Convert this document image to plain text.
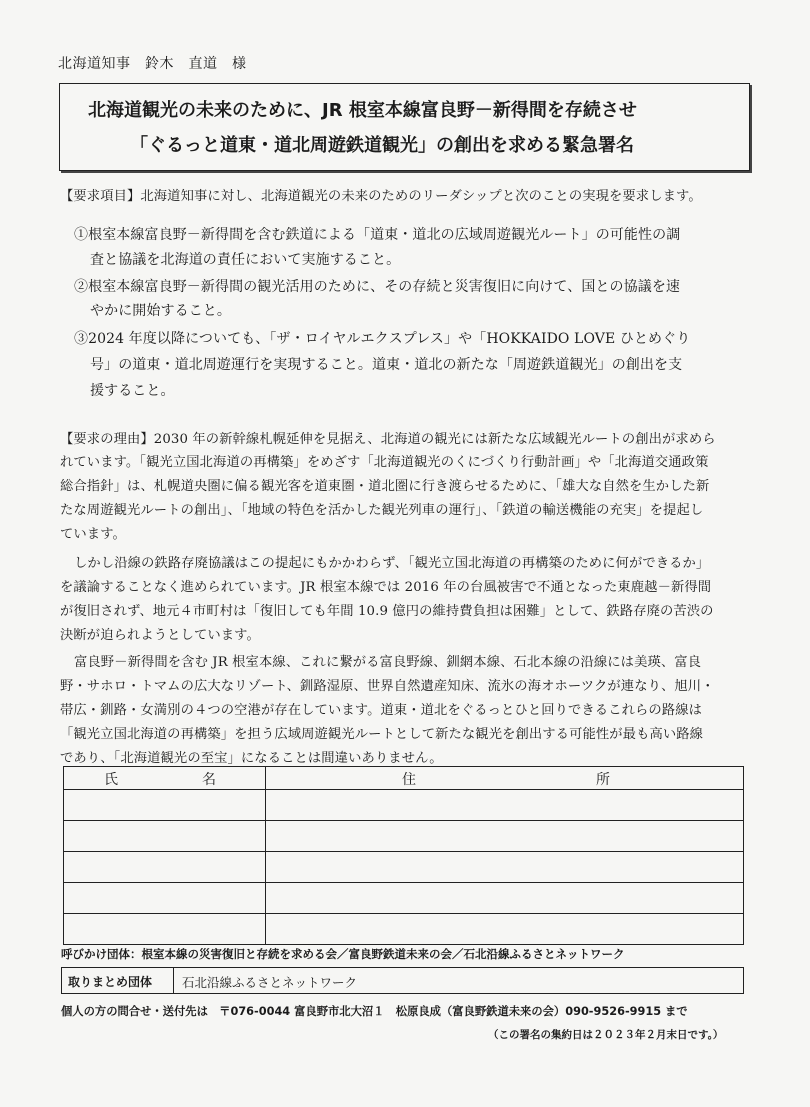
北海道知事　鈴木　直道　様
北海道観光の未来のために、JR 根室本線富良野－新得間を存続させ
「ぐるっと道東・道北周遊鉄道観光」の創出を求める緊急署名
【要求項目】北海道知事に対し、北海道観光の未来のためのリーダシップと次のことの実現を要求します。
①根室本線富良野－新得間を含む鉄道による「道東・道北の広域周遊観光ルート」の可能性の調
査と協議を北海道の責任において実施すること。
②根室本線富良野－新得間の観光活用のために、その存続と災害復旧に向けて、国との協議を速
やかに開始すること。
③2024 年度以降についても、「ザ・ロイヤルエクスプレス」や「HOKKAIDO LOVE ひとめぐり
号」の道東・道北周遊運行を実現すること。道東・道北の新たな「周遊鉄道観光」の創出を支
援すること。
【要求の理由】2030 年の新幹線札幌延伸を見据え、北海道の観光には新たな広域観光ルートの創出が求めら
れています。「観光立国北海道の再構築」をめざす「北海道観光のくにづくり行動計画」や「北海道交通政策
総合指針」は、札幌道央圏に偏る観光客を道東圏・道北圏に行き渡らせるために、「雄大な自然を生かした新
たな周遊観光ルートの創出」、「地域の特色を活かした観光列車の運行」、「鉄道の輸送機能の充実」を提起し
ています。
しかし沿線の鉄路存廃協議はこの提起にもかかわらず、「観光立国北海道の再構築のために何ができるか」
を議論することなく進められています。JR 根室本線では 2016 年の台風被害で不通となった東鹿越－新得間
が復旧されず、地元４市町村は「復旧しても年間 10.9 億円の維持費負担は困難」として、鉄路存廃の苦渋の
決断が迫られようとしています。
富良野－新得間を含む JR 根室本線、これに繋がる富良野線、釧網本線、石北本線の沿線には美瑛、富良
野・サホロ・トマムの広大なリゾート、釧路湿原、世界自然遺産知床、流氷の海オホーツクが連なり、旭川・
帯広・釧路・女満別の４つの空港が存在しています。道東・道北をぐるっとひと回りできるこれらの路線は
「観光立国北海道の再構築」を担う広域周遊観光ルートとして新たな観光を創出する可能性が最も高い路線
であり、「北海道観光の至宝」になることは間違いありません。
氏 名	住 所

呼びかけ団体：根室本線の災害復旧と存続を求める会／富良野鉄道未来の会／石北沿線ふるさとネットワーク
取りまとめ団体	石北沿線ふるさとネットワーク
個人の方の問合せ・送付先は　〒076-0044 富良野市北大沼１　松原良成（富良野鉄道未来の会）090-9526-9915 まで
（この署名の集約日は２０２３年２月末日です。）
